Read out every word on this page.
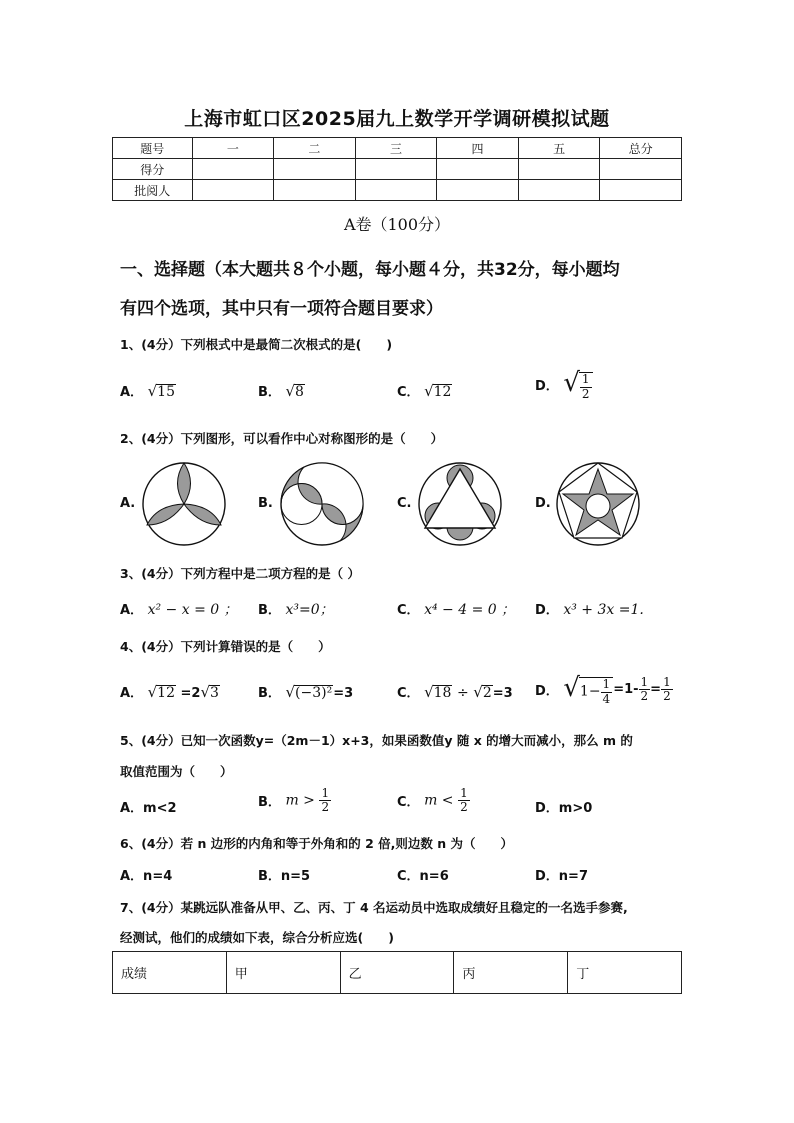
上海市虹口区2025届九上数学开学调研模拟试题
题号	一	二	三	四	五	总分
得分						
批阅人						
A卷（100分）
一、选择题（本大题共８个小题，每小题４分，共32分，每小题均
有四个选项，其中只有一项符合题目要求）
1、(4分）下列根式中是最简二次根式的是(　　)
A． √15	B． √8	C． √12	D． √ $\frac{1}{2}$
2、(4分）下列图形，可以看作中心对称图形的是（　　）
A.	B.	C.	D.
3、(4分）下列方程中是二项方程的是（ ）
A． x² − x = 0 ； B． x³=0；	C． x⁴ − 4 = 0 ； D． x³ + 3x =1.
4、(4分）下列计算错误的是（　　）
A． √12 =2√3	B． √(−3)²=3	C． √18 ÷ √2=3 D． $√1- \frac{1}{4} =1- \frac{1}{2} = \frac{1}{2}$
5、(4分）已知一次函数y=（2m－1）x+3，如果函数值y 随 x 的增大而减小，那么 m 的
取值范围为（　　）
A．m<2	B． $m > \frac{1}{2}$	C． $m < \frac{1}{2}$	D．m>0
6、(4分）若 n 边形的内角和等于外角和的 2 倍,则边数 n 为（　　）
A．n=4	B．n=5	C．n=6	D．n=7
7、(4分）某跳远队准备从甲、乙、丙、丁 4 名运动员中选取成绩好且稳定的一名选手参赛,
经测试，他们的成绩如下表，综合分析应选(　　)
成绩	甲	乙	丙	丁
